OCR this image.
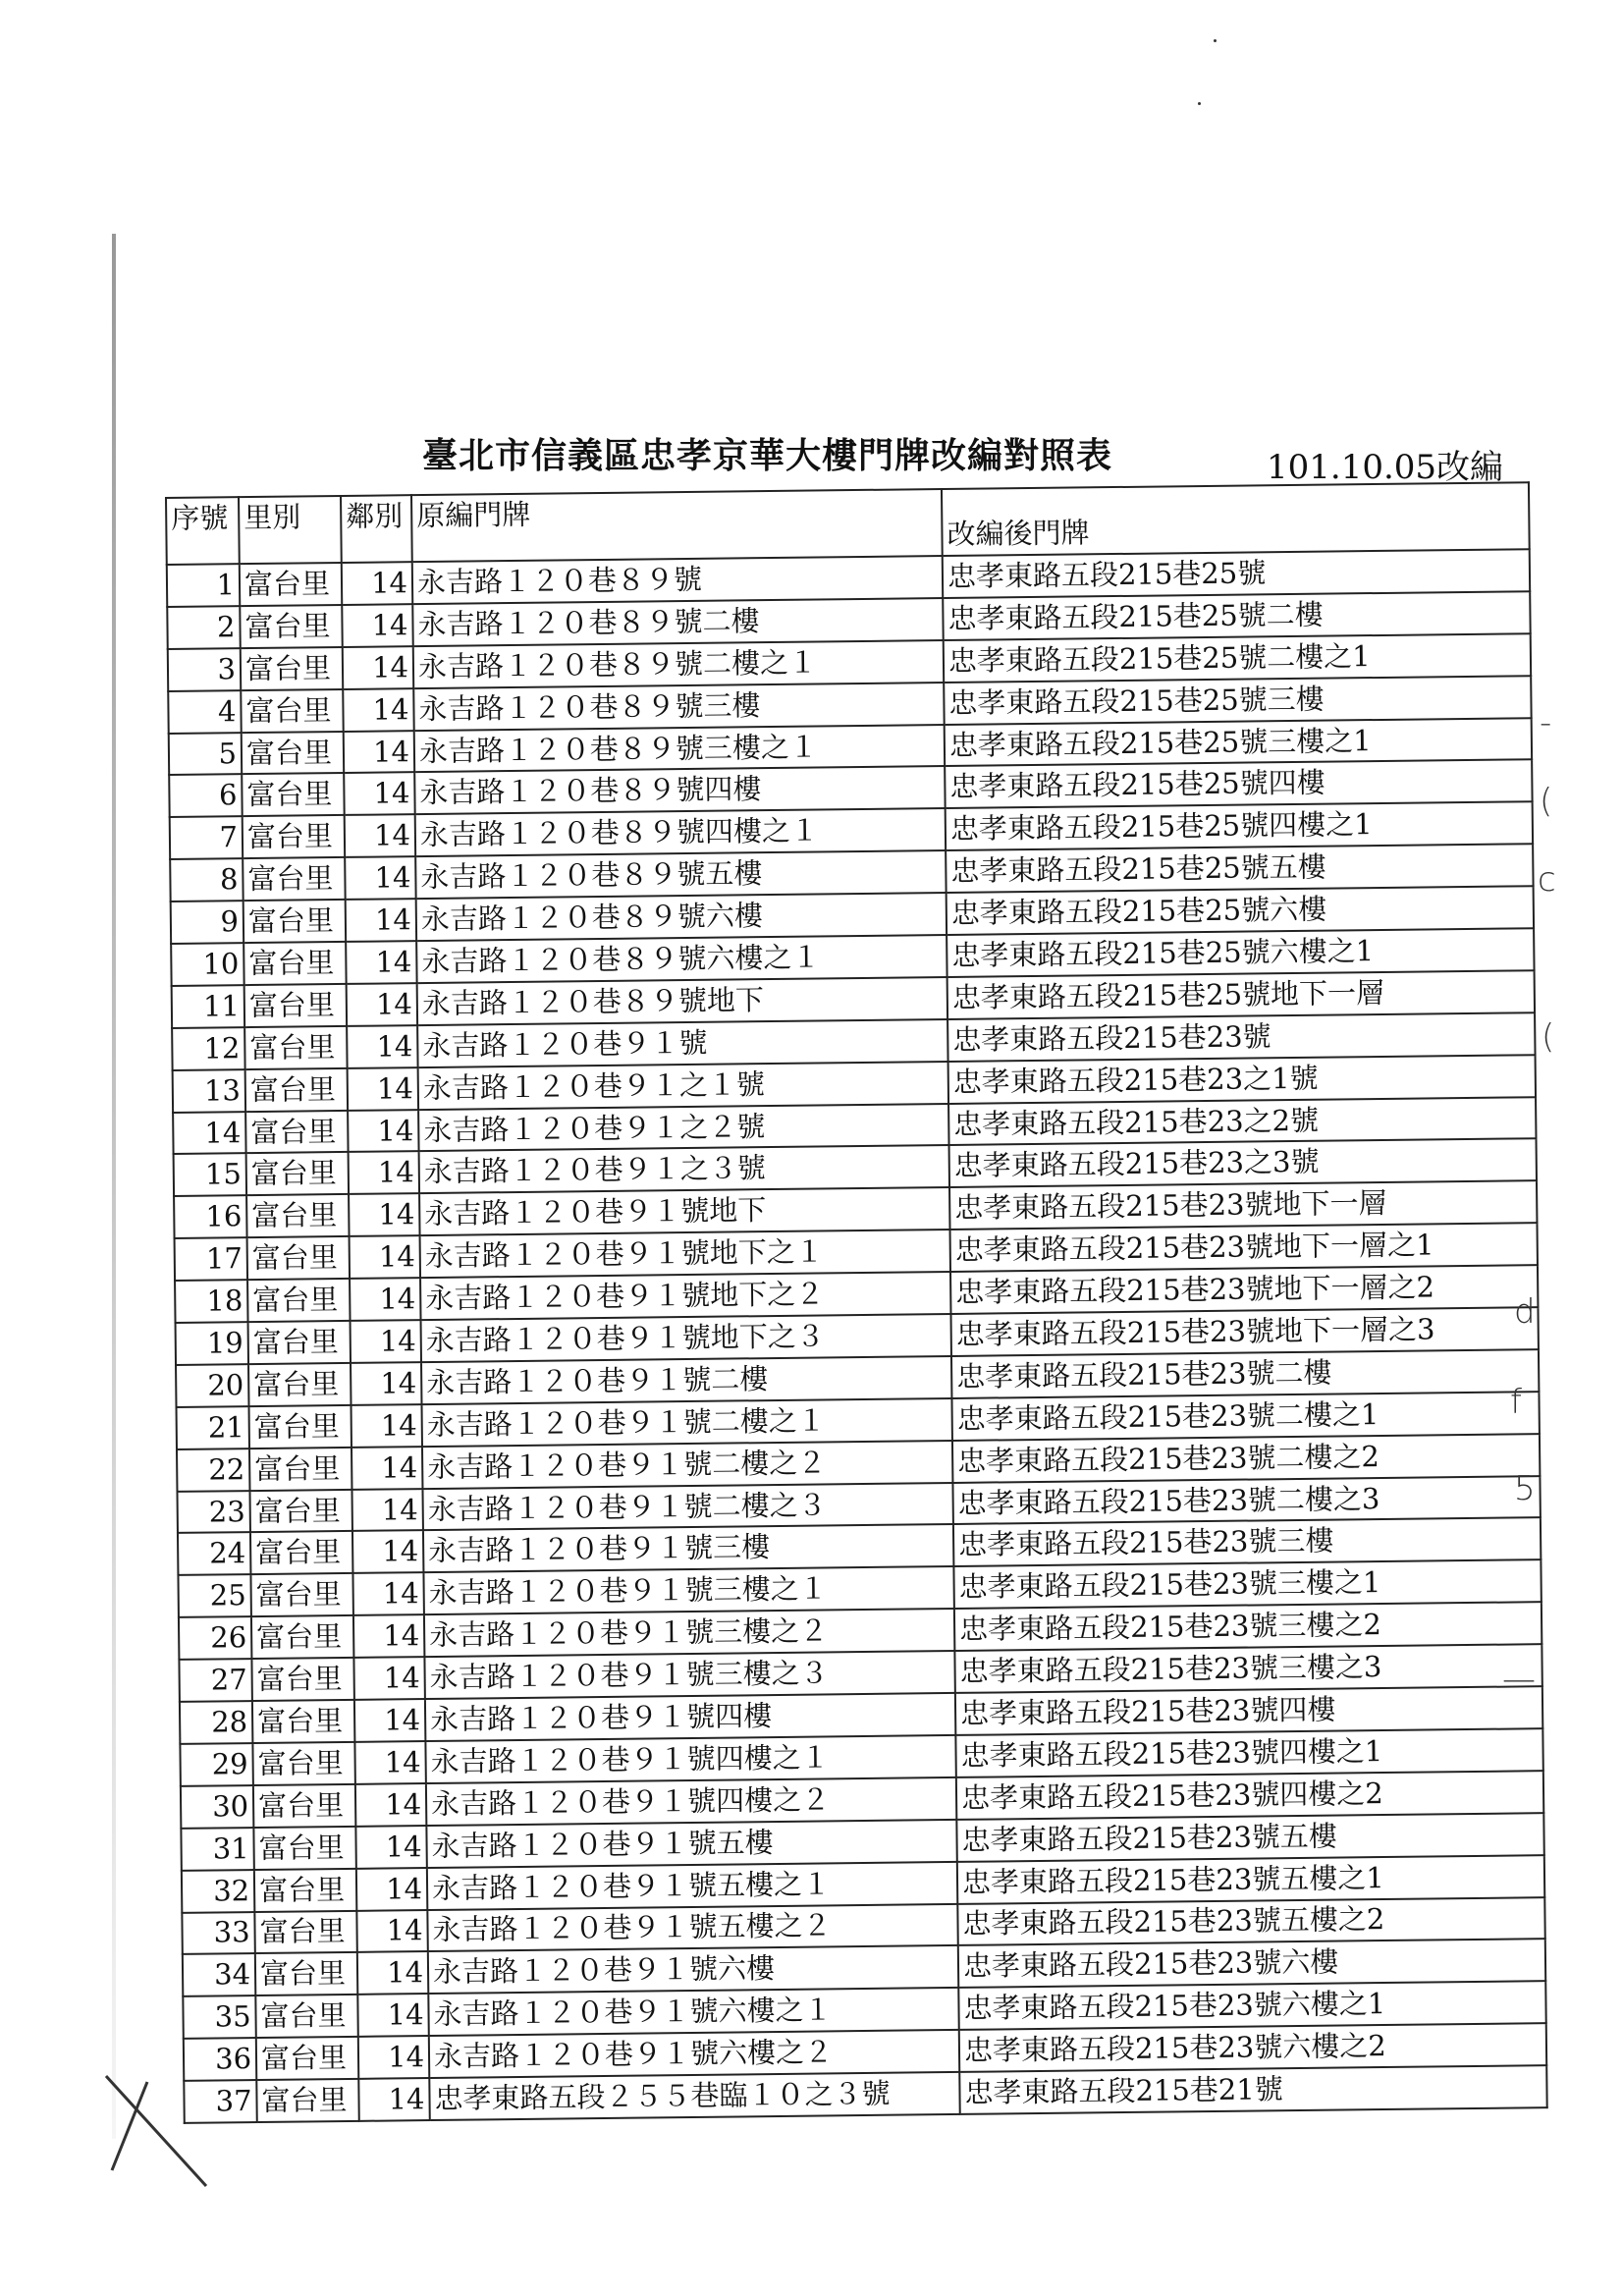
臺北市信義區忠孝京華大樓門牌改編對照表	101.10.05改編
序號	里別	鄰別	原編門牌	改編後門牌
1	富台里	14	永吉路１２０巷８９號	忠孝東路五段215巷25號
2	富台里	14	永吉路１２０巷８９號二樓	忠孝東路五段215巷25號二樓
3	富台里	14	永吉路１２０巷８９號二樓之１	忠孝東路五段215巷25號二樓之1
4	富台里	14	永吉路１２０巷８９號三樓	忠孝東路五段215巷25號三樓
5	富台里	14	永吉路１２０巷８９號三樓之１	忠孝東路五段215巷25號三樓之1
6	富台里	14	永吉路１２０巷８９號四樓	忠孝東路五段215巷25號四樓
7	富台里	14	永吉路１２０巷８９號四樓之１	忠孝東路五段215巷25號四樓之1
8	富台里	14	永吉路１２０巷８９號五樓	忠孝東路五段215巷25號五樓
9	富台里	14	永吉路１２０巷８９號六樓	忠孝東路五段215巷25號六樓
10	富台里	14	永吉路１２０巷８９號六樓之１	忠孝東路五段215巷25號六樓之1
11	富台里	14	永吉路１２０巷８９號地下	忠孝東路五段215巷25號地下一層
12	富台里	14	永吉路１２０巷９１號	忠孝東路五段215巷23號
13	富台里	14	永吉路１２０巷９１之１號	忠孝東路五段215巷23之1號
14	富台里	14	永吉路１２０巷９１之２號	忠孝東路五段215巷23之2號
15	富台里	14	永吉路１２０巷９１之３號	忠孝東路五段215巷23之3號
16	富台里	14	永吉路１２０巷９１號地下	忠孝東路五段215巷23號地下一層
17	富台里	14	永吉路１２０巷９１號地下之１	忠孝東路五段215巷23號地下一層之1
18	富台里	14	永吉路１２０巷９１號地下之２	忠孝東路五段215巷23號地下一層之2
19	富台里	14	永吉路１２０巷９１號地下之３	忠孝東路五段215巷23號地下一層之3
20	富台里	14	永吉路１２０巷９１號二樓	忠孝東路五段215巷23號二樓
21	富台里	14	永吉路１２０巷９１號二樓之１	忠孝東路五段215巷23號二樓之1
22	富台里	14	永吉路１２０巷９１號二樓之２	忠孝東路五段215巷23號二樓之2
23	富台里	14	永吉路１２０巷９１號二樓之３	忠孝東路五段215巷23號二樓之3
24	富台里	14	永吉路１２０巷９１號三樓	忠孝東路五段215巷23號三樓
25	富台里	14	永吉路１２０巷９１號三樓之１	忠孝東路五段215巷23號三樓之1
26	富台里	14	永吉路１２０巷９１號三樓之２	忠孝東路五段215巷23號三樓之2
27	富台里	14	永吉路１２０巷９１號三樓之３	忠孝東路五段215巷23號三樓之3
28	富台里	14	永吉路１２０巷９１號四樓	忠孝東路五段215巷23號四樓
29	富台里	14	永吉路１２０巷９１號四樓之１	忠孝東路五段215巷23號四樓之1
30	富台里	14	永吉路１２０巷９１號四樓之２	忠孝東路五段215巷23號四樓之2
31	富台里	14	永吉路１２０巷９１號五樓	忠孝東路五段215巷23號五樓
32	富台里	14	永吉路１２０巷９１號五樓之１	忠孝東路五段215巷23號五樓之1
33	富台里	14	永吉路１２０巷９１號五樓之２	忠孝東路五段215巷23號五樓之2
34	富台里	14	永吉路１２０巷９１號六樓	忠孝東路五段215巷23號六樓
35	富台里	14	永吉路１２０巷９１號六樓之１	忠孝東路五段215巷23號六樓之1
36	富台里	14	永吉路１２０巷９１號六樓之２	忠孝東路五段215巷23號六樓之2
37	富台里	14	忠孝東路五段２５５巷臨１０之３號	忠孝東路五段215巷21號
-
(
c
(
d
f
5
—
